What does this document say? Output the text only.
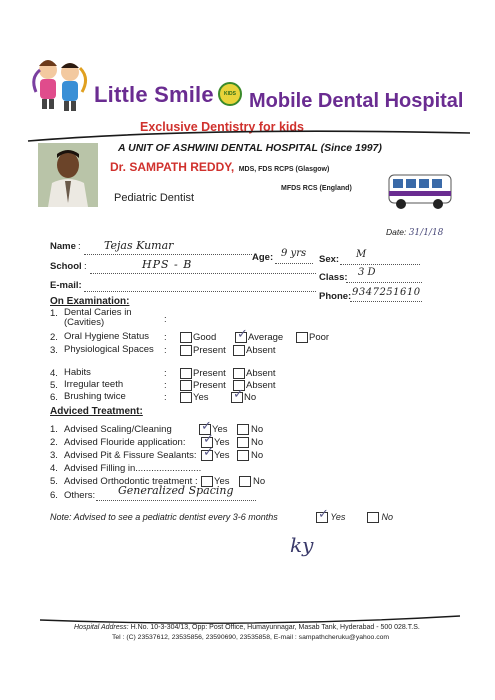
Little Smile KIDS Mobile Dental Hospital
Exclusive Dentistry for kids
A UNIT OF ASHWINI DENTAL HOSPITAL (Since 1997)
Dr. SAMPATH REDDY, MDS, FDS RCPS (Glasgow)
MFDS RCS (England)
Pediatric Dentist
Date: 31/1/18
Name : Tejas Kumar
Age: 9 yrs
Sex: M
School :	HPS - B
Class: 3 D
E-mail:
Phone: 9347251610
On Examination:
1. Dental Caries in (Cavities)	:
2. Oral Hygiene Status	:	Good ✓	Average	Poor
3. Physiological Spaces :	Present	Absent
4. Habits	:	Present	Absent
5. Irregular teeth	:	Present	Absent
6. Brushing twice	:	Yes ✓	No
Adviced Treatment:
1. Advised Scaling/Cleaning ✓	Yes	No
2. Advised Flouride application: ✓	Yes	No
3. Advised Pit & Fissure Sealants: ✓	Yes	No
4. Advised Filling in.........................
5. Advised Orthodontic treatment :	Yes	No
6. Others: Generalized Spacing
Note: Advised to see a pediatric dentist every 3-6 months ✓	Yes	No
ky
Hospital Address: H.No. 10-3-304/13, Opp: Post Office, Humayunnagar, Masab Tank, Hyderabad - 500 028.T.S.
Tel : (C) 23537612, 23535856, 23590690, 23535858, E-mail : sampathcheruku@yahoo.com
